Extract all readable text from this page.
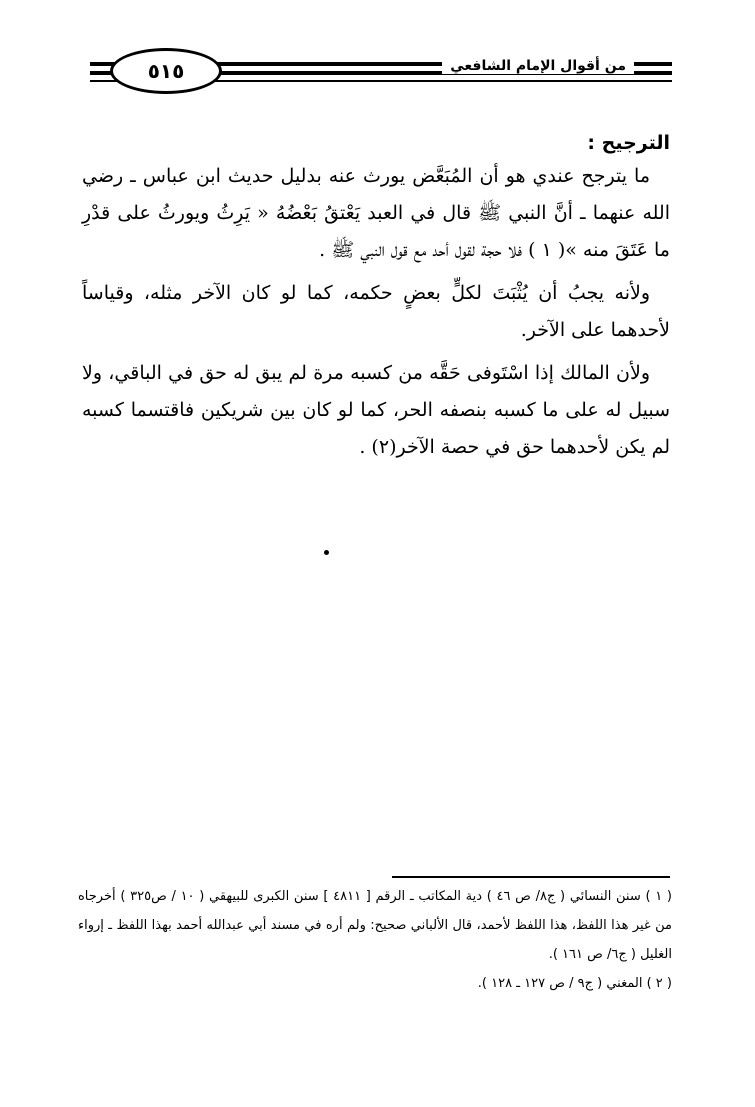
٥١٥	من أقوال الإمام الشافعي
الترجيح :

ما يترجح عندي هو أن المُبَعَّض يورث عنه بدليل حديث ابن عباس ـ رضي الله عنهما ـ أنَّ النبي ﷺ قال في العبد يَعْتقُ بَعْضُهُ « يَرِثُ ويورثُ على قدْرِ ما عَتَقَ منه »( ١ ) فلا حجة لقول أحد مع قول النبي ﷺ .

ولأنه يجبُ أن يُثْبَتَ لكلٍّ بعضٍ حكمه، كما لو كان الآخر مثله، وقياساً لأحدهما على الآخر.

ولأن المالك إذا اسْتَوفى حَقَّه من كسبه مرة لم يبق له حق في الباقي، ولا سبيل له على ما كسبه بنصفه الحر، كما لو كان بين شريكين فاقتسما كسبه لم يكن لأحدهما حق في حصة الآخر(٢) .

( ١ ) سنن النسائي ( ج٨/ ص ٤٦ ) دية المكاتب ـ الرقم [ ٤٨١١ ] سنن الكبرى للبيهقي ( ١٠ / ص٣٢٥ ) أخرجاه من غير هذا اللفظ، هذا اللفظ لأحمد، قال الألباني صحيح: ولم أره في مسند أبي عبدالله أحمد بهذا اللفظ ـ إرواء الغليل ( ج٦/ ص ١٦١ ).

( ٢ ) المغني ( ج٩ / ص ١٢٧ ـ ١٢٨ ).
